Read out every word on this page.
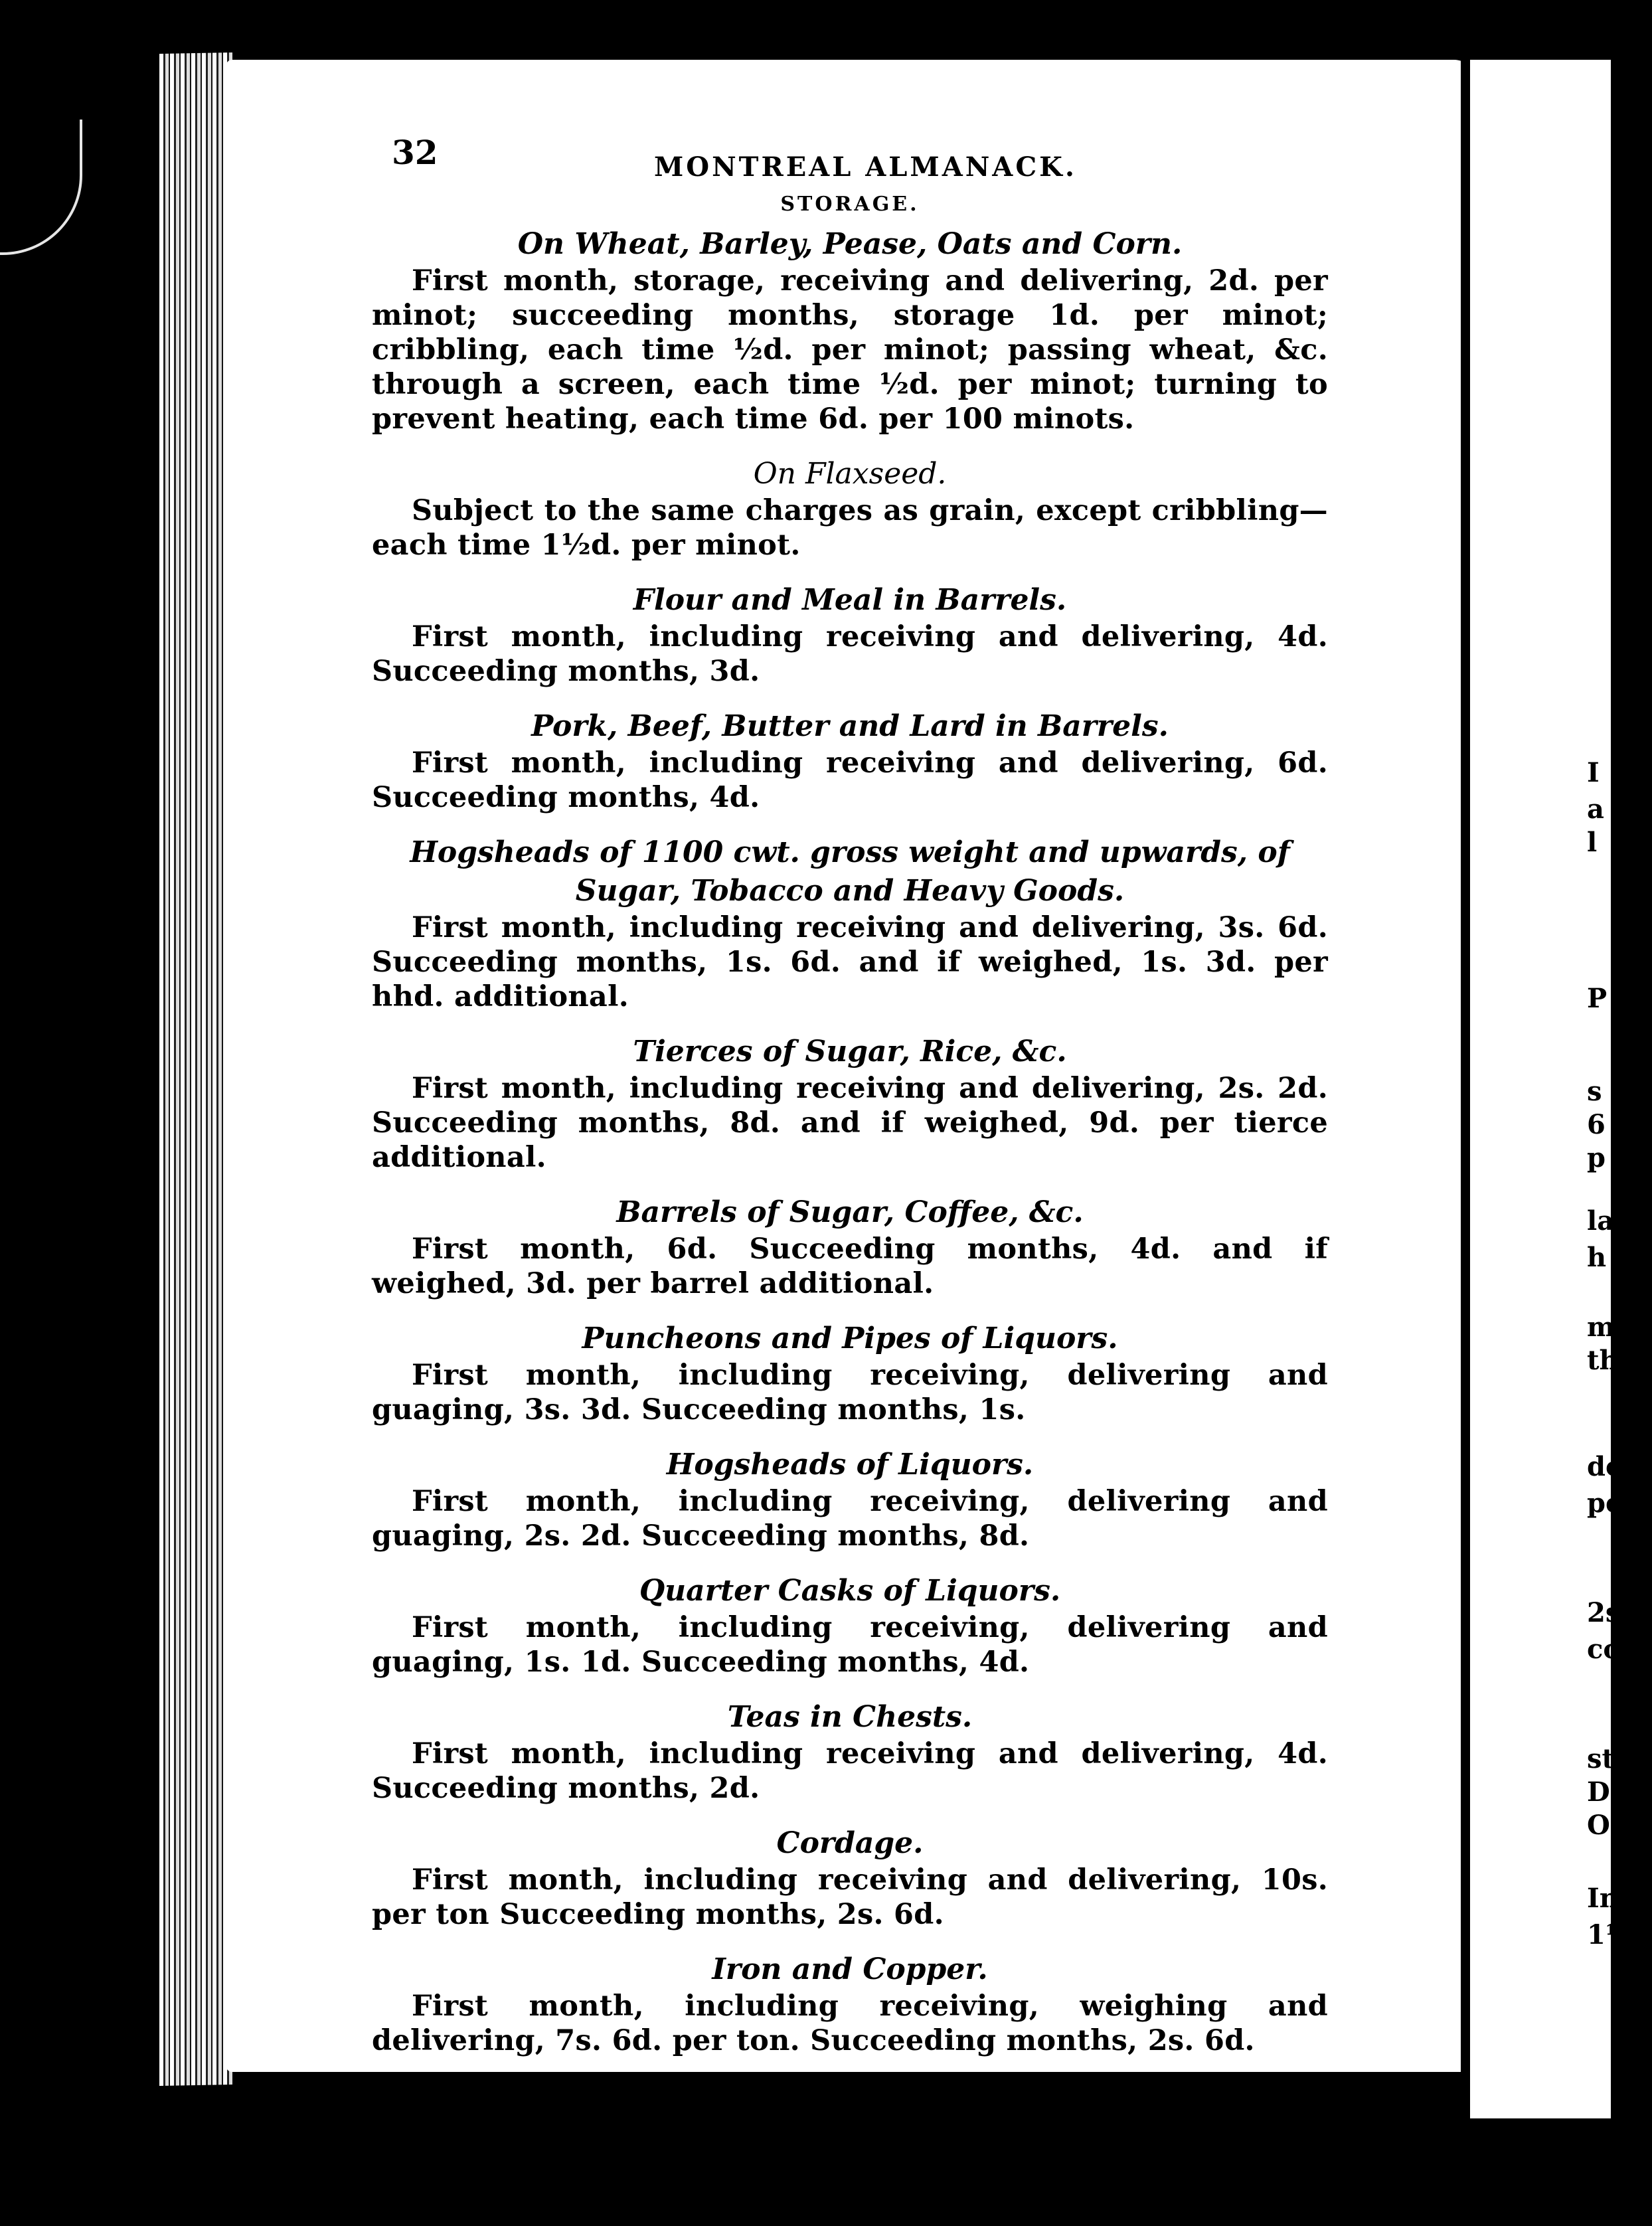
32	MONTREAL ALMANACK.
STORAGE.

On Wheat, Barley, Pease, Oats and Corn.

First month, storage, receiving and delivering, 2d. per minot; succeeding months, storage 1d. per minot; cribbling, each time ½d. per minot; passing wheat, &c. through a screen, each time ½d. per minot; turning to prevent heating, each time 6d. per 100 minots.

On Flaxseed.

Subject to the same charges as grain, except cribbling—each time 1½d. per minot.

Flour and Meal in Barrels.

First month, including receiving and delivering, 4d. Succeeding months, 3d.

Pork, Beef, Butter and Lard in Barrels.

First month, including receiving and delivering, 6d. Succeeding months, 4d.

Hogsheads of 1100 cwt. gross weight and upwards, of Sugar, Tobacco and Heavy Goods.

First month, including receiving and delivering, 3s. 6d. Succeeding months, 1s. 6d. and if weighed, 1s. 3d. per hhd. additional.

Tierces of Sugar, Rice, &c.

First month, including receiving and delivering, 2s. 2d. Succeeding months, 8d. and if weighed, 9d. per tierce additional.

Barrels of Sugar, Coffee, &c.

First month, 6d. Succeeding months, 4d. and if weighed, 3d. per barrel additional.

Puncheons and Pipes of Liquors.

First month, including receiving, delivering and guaging, 3s. 3d. Succeeding months, 1s.

Hogsheads of Liquors.

First month, including receiving, delivering and guaging, 2s. 2d. Succeeding months, 8d.

Quarter Casks of Liquors.

First month, including receiving, delivering and guaging, 1s. 1d. Succeeding months, 4d.

Teas in Chests.

First month, including receiving and delivering, 4d. Succeeding months, 2d.

Cordage.

First month, including receiving and delivering, 10s. per ton Succeeding months, 2s. 6d.

Iron and Copper.

First month, including receiving, weighing and delivering, 7s. 6d. per ton. Succeeding months, 2s. 6d.

Salt.

First month, including receiving and delivering, 2d. per minot.

I
a
l
P
s
6
p
la
h
m
th
do
pe
2s.
co
sta
De
Oa
Inc
1½d
